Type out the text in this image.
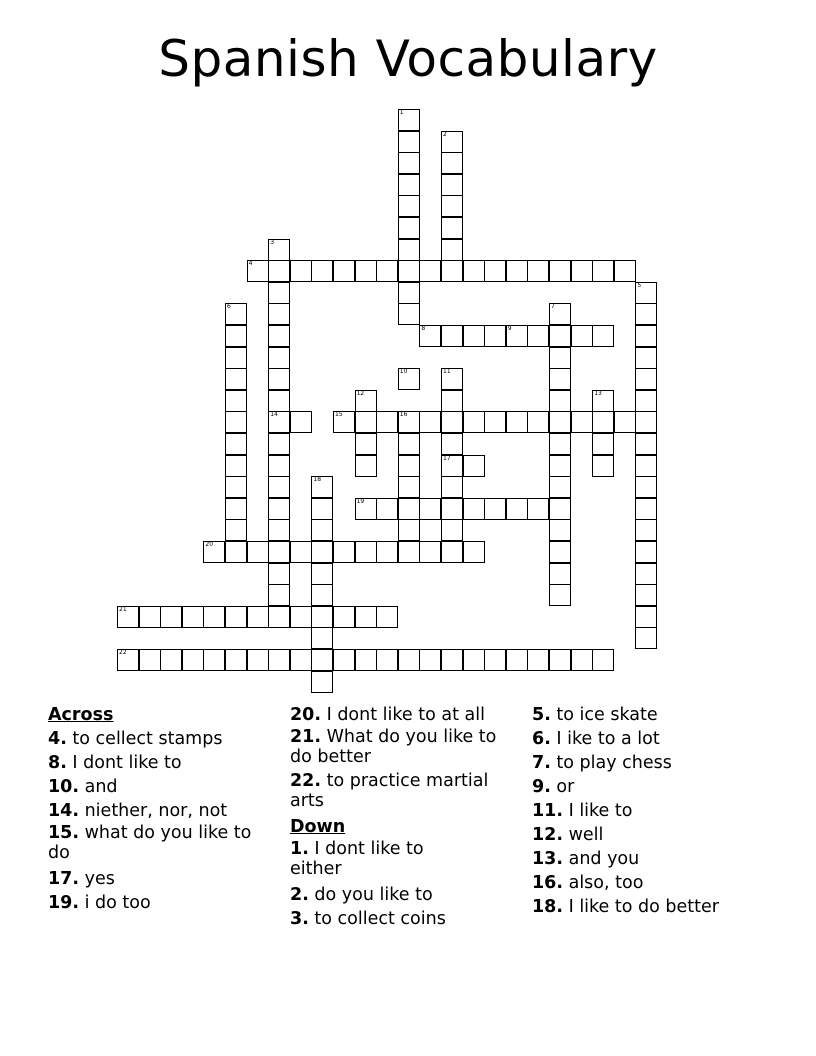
Spanish Vocabulary
1
2
3
14
4
5
6	7
8	9
10	11
17
12	13
15	16
18
19
20
21
22
Across
4. to cellect stamps
8. I dont like to
10. and
14. niether, nor, not
15. what do you like to do
17. yes
19. i do too
20. I dont like to at all
21. What do you like to do better
22. to practice martial arts
Down
1. I dont like to either
2. do you like to
3. to collect coins
5. to ice skate
6. I ike to a lot
7. to play chess
9. or
11. I like to
12. well
13. and you
16. also, too
18. I like to do better
